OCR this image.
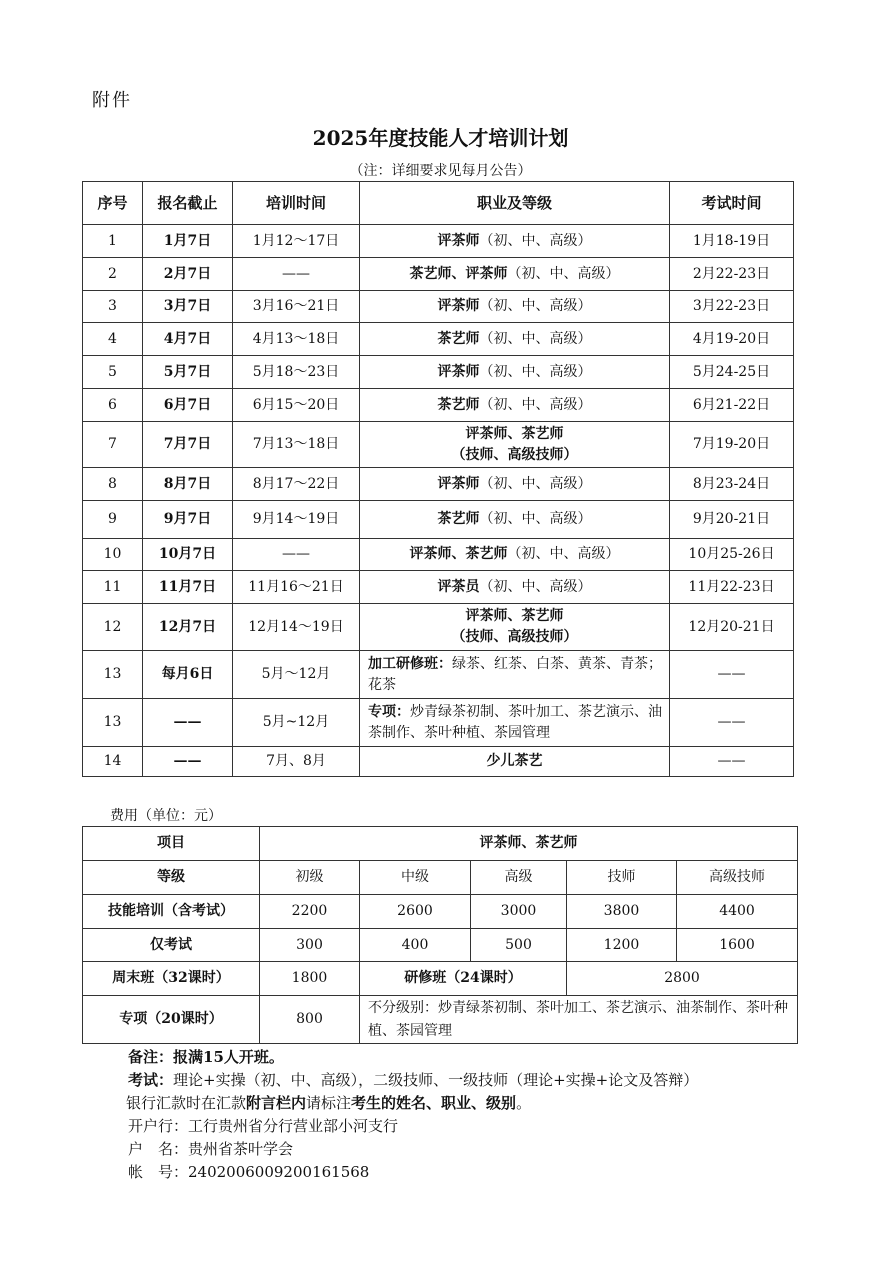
附件
2025年度技能人才培训计划
（注：详细要求见每月公告）
序号	报名截止	培训时间	职业及等级	考试时间
1	1月7日	1月12～17日	评茶师（初、中、高级）	1月18-19日
2	2月7日	——	茶艺师、评茶师（初、中、高级）	2月22-23日
3	3月7日	3月16～21日	评茶师（初、中、高级）	3月22-23日
4	4月7日	4月13～18日	茶艺师（初、中、高级）	4月19-20日
5	5月7日	5月18～23日	评茶师（初、中、高级）	5月24-25日
6	6月7日	6月15～20日	茶艺师（初、中、高级）	6月21-22日
7	7月7日	7月13～18日	评茶师、茶艺师
（技师、高级技师）	7月19-20日
8	8月7日	8月17～22日	评茶师（初、中、高级）	8月23-24日
9	9月7日	9月14～19日	茶艺师（初、中、高级）	9月20-21日
10	10月7日	——	评茶师、茶艺师（初、中、高级）	10月25-26日
11	11月7日	11月16～21日	评茶员（初、中、高级）	11月22-23日
12	12月7日	12月14～19日	评茶师、茶艺师
（技师、高级技师）	12月20-21日
13	每月6日	5月～12月	加工研修班：绿茶、红茶、白茶、黄茶、青茶；花茶	——
13	——	5月~12月	专项：炒青绿茶初制、茶叶加工、茶艺演示、油茶制作、茶叶种植、茶园管理	——
14	——	7月、8月	少儿茶艺	——
费用（单位：元）
项目	评茶师、茶艺师				
等级	初级	中级	高级	技师	高级技师
技能培训（含考试）	2200	2600	3000	3800	4400
仅考试	300	400	500	1200	1600
周末班（32课时）	1800	研修班（24课时）		2800	
专项（20课时）	800	不分级别：炒青绿茶初制、茶叶加工、茶艺演示、油茶制作、茶叶种植、茶园管理			
备注：报满15人开班。
考试：理论+实操（初、中、高级），二级技师、一级技师（理论+实操+论文及答辩）
银行汇款时在汇款附言栏内请标注考生的姓名、职业、级别。
开户行：工行贵州省分行营业部小河支行
户　名：贵州省茶叶学会
帐　号：2402006009200161568
